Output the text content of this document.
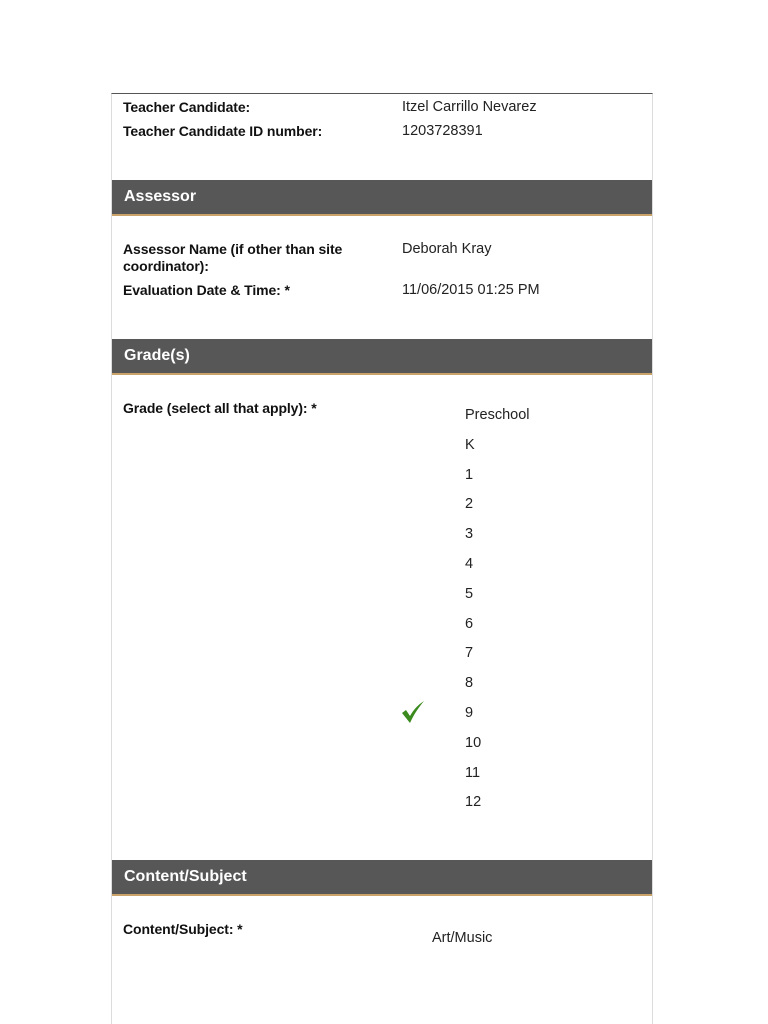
Teacher Candidate:	Itzel Carrillo Nevarez
Teacher Candidate ID number:	1203728391
Assessor
Assessor Name (if other than site coordinator):
Deborah Kray
Evaluation Date & Time: *	11/06/2015 01:25 PM
Grade(s)
Grade (select all that apply): *	Preschool
K
1
2
3
4
5
6
7
8
9
10
11
12
Content/Subject
Content/Subject: *
Art/Music
